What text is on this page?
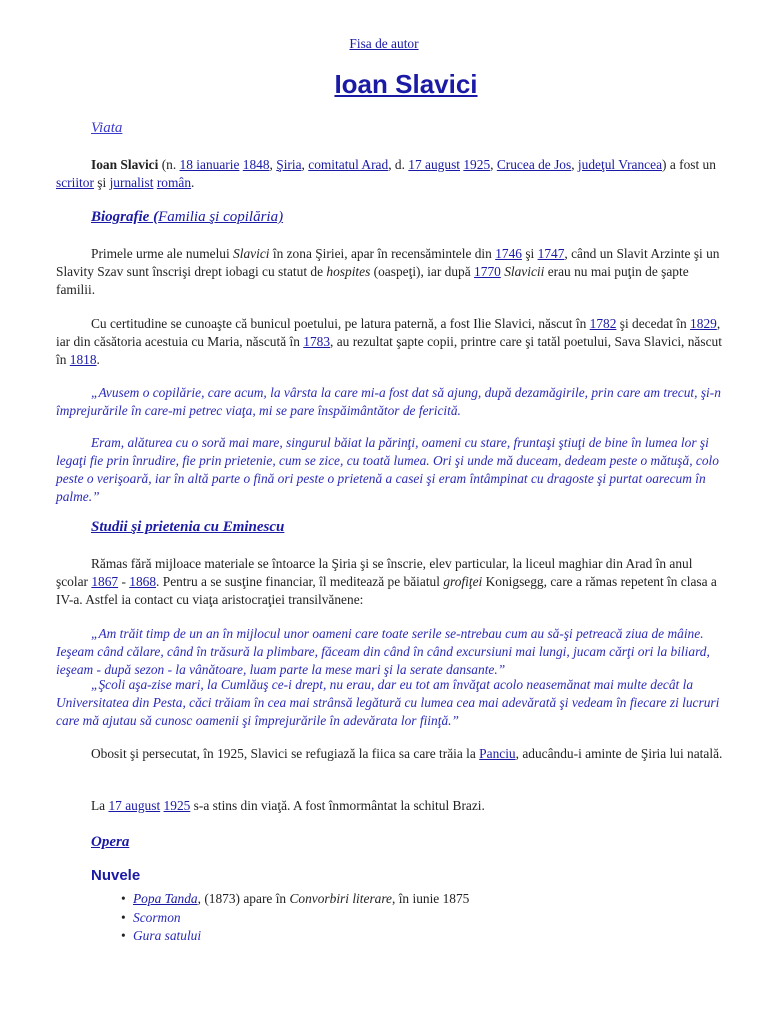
Fisa de autor
Ioan Slavici
Viata
Ioan Slavici (n. 18 ianuarie 1848, Şiria, comitatul Arad, d. 17 august 1925, Crucea de Jos, judeţul Vrancea) a fost un scriitor şi jurnalist român.
Biografie (Familia şi copilăria)
Primele urme ale numelui Slavici în zona Şiriei, apar în recensămintele din 1746 şi 1747, când un Slavit Arzinte şi un Slavity Szav sunt înscrişi drept iobagi cu statut de hospites (oaspeţi), iar după 1770 Slavicii erau nu mai puţin de şapte familii.
Cu certitudine se cunoaşte că bunicul poetului, pe latura paternă, a fost Ilie Slavici, născut în 1782 şi decedat în 1829, iar din căsătoria acestuia cu Maria, născută în 1783, au rezultat şapte copii, printre care şi tatăl poetului, Sava Slavici, născut în 1818.
„Avusem o copilărie, care acum, la vârsta la care mi-a fost dat să ajung, după dezamăgirile, prin care am trecut, şi-n împrejurările în care-mi petrec viaţa, mi se pare înspăimântător de fericită.
Eram, alăturea cu o soră mai mare, singurul băiat la părinţi, oameni cu stare, fruntaşi ştiuţi de bine în lumea lor şi legaţi fie prin înrudire, fie prin prietenie, cum se zice, cu toată lumea. Ori şi unde mă duceam, dedeam peste o mătuşă, colo peste o verişoară, iar în altă parte o fină ori peste o prietenă a casei şi eram întâmpinat cu dragoste şi purtat oarecum în palme.”
Studii şi prietenia cu Eminescu
Rămas fără mijloace materiale se întoarce la Şiria şi se înscrie, elev particular, la liceul maghiar din Arad în anul şcolar 1867 - 1868. Pentru a se susţine financiar, îl meditează pe băiatul grofiţei Konigsegg, care a rămas repetent în clasa a IV-a. Astfel ia contact cu viaţa aristocraţiei transilvănene:
„Am trăit timp de un an în mijlocul unor oameni care toate serile se-ntrebau cum au să-şi petreacă ziua de mâine. Ieşeam când călare, când în trăsură la plimbare, făceam din când în când excursiuni mai lungi, jucam cărţi ori la biliard, ieşeam - după sezon - la vânătoare, luam parte la mese mari şi la serate dansante.”
„Şcoli aşa-zise mari, la Cumlăuş ce-i drept, nu erau, dar eu tot am învăţat acolo neasemănat mai multe decât la Universitatea din Pesta, căci trăiam în cea mai strânsă legătură cu lumea cea mai adevărată şi vedeam în fiecare zi lucruri care mă ajutau să cunosc oamenii şi împrejurările în adevărata lor fiinţă.”
Obosit şi persecutat, în 1925, Slavici se refugiază la fiica sa care trăia la Panciu, aducându-i aminte de Şiria lui natală.
La 17 august 1925 s-a stins din viaţă. A fost înmormântat la schitul Brazi.
Opera
Nuvele
• Popa Tanda, (1873) apare în Convorbiri literare, în iunie 1875
• Scormon
• Gura satului
